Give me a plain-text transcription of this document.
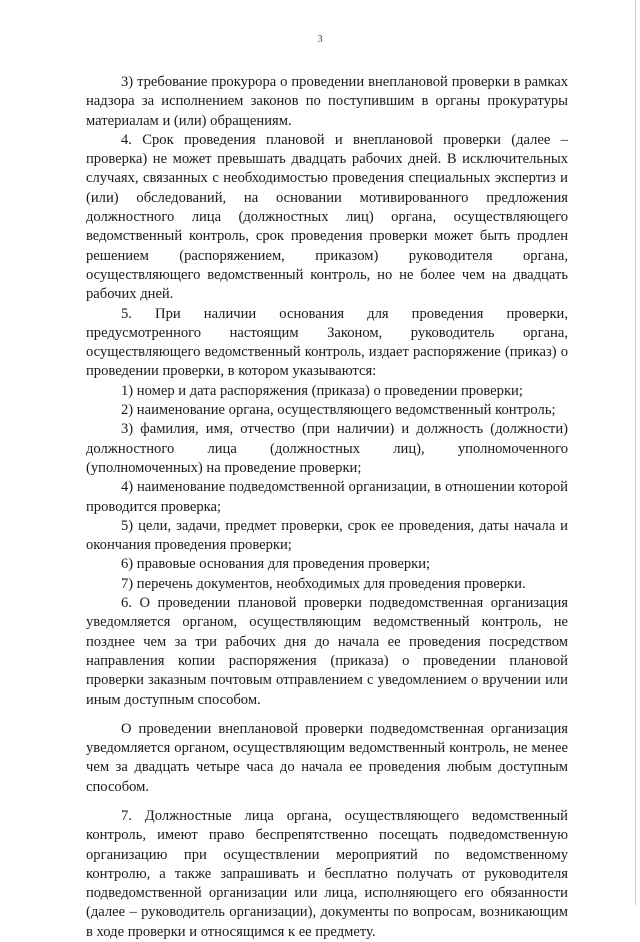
3

3) требование прокурора о проведении внеплановой проверки в рамках надзора за исполнением законов по поступившим в органы прокуратуры материалам и (или) обращениям.

4. Срок проведения плановой и внеплановой проверки (далее – проверка) не может превышать двадцать рабочих дней. В исключительных случаях, связанных с необходимостью проведения специальных экспертиз и (или) обследований, на основании мотивированного предложения должностного лица (должностных лиц) органа, осуществляющего ведомственный контроль, срок проведения проверки может быть продлен решением (распоряжением, приказом) руководителя органа, осуществляющего ведомственный контроль, но не более чем на двадцать рабочих дней.

5. При наличии основания для проведения проверки, предусмотренного настоящим Законом, руководитель органа, осуществляющего ведомственный контроль, издает распоряжение (приказ) о проведении проверки, в котором указываются:

1) номер и дата распоряжения (приказа) о проведении проверки;

2) наименование органа, осуществляющего ведомственный контроль;

3) фамилия, имя, отчество (при наличии) и должность (должности) должностного лица (должностных лиц), уполномоченного (уполномоченных) на проведение проверки;

4) наименование подведомственной организации, в отношении которой проводится проверка;

5) цели, задачи, предмет проверки, срок ее проведения, даты начала и окончания проведения проверки;

6) правовые основания для проведения проверки;

7) перечень документов, необходимых для проведения проверки.

6. О проведении плановой проверки подведомственная организация уведомляется органом, осуществляющим ведомственный контроль, не позднее чем за три рабочих дня до начала ее проведения посредством направления копии распоряжения (приказа) о проведении плановой проверки заказным почтовым отправлением с уведомлением о вручении или иным доступным способом.

О проведении внеплановой проверки подведомственная организация уведомляется органом, осуществляющим ведомственный контроль, не менее чем за двадцать четыре часа до начала ее проведения любым доступным способом.

7. Должностные лица органа, осуществляющего ведомственный контроль, имеют право беспрепятственно посещать подведомственную организацию при осуществлении мероприятий по ведомственному контролю, а также запрашивать и бесплатно получать от руководителя подведомственной организации или лица, исполняющего его обязанности (далее – руководитель организации), документы по вопросам, возникающим в ходе проверки и относящимся к ее предмету.
